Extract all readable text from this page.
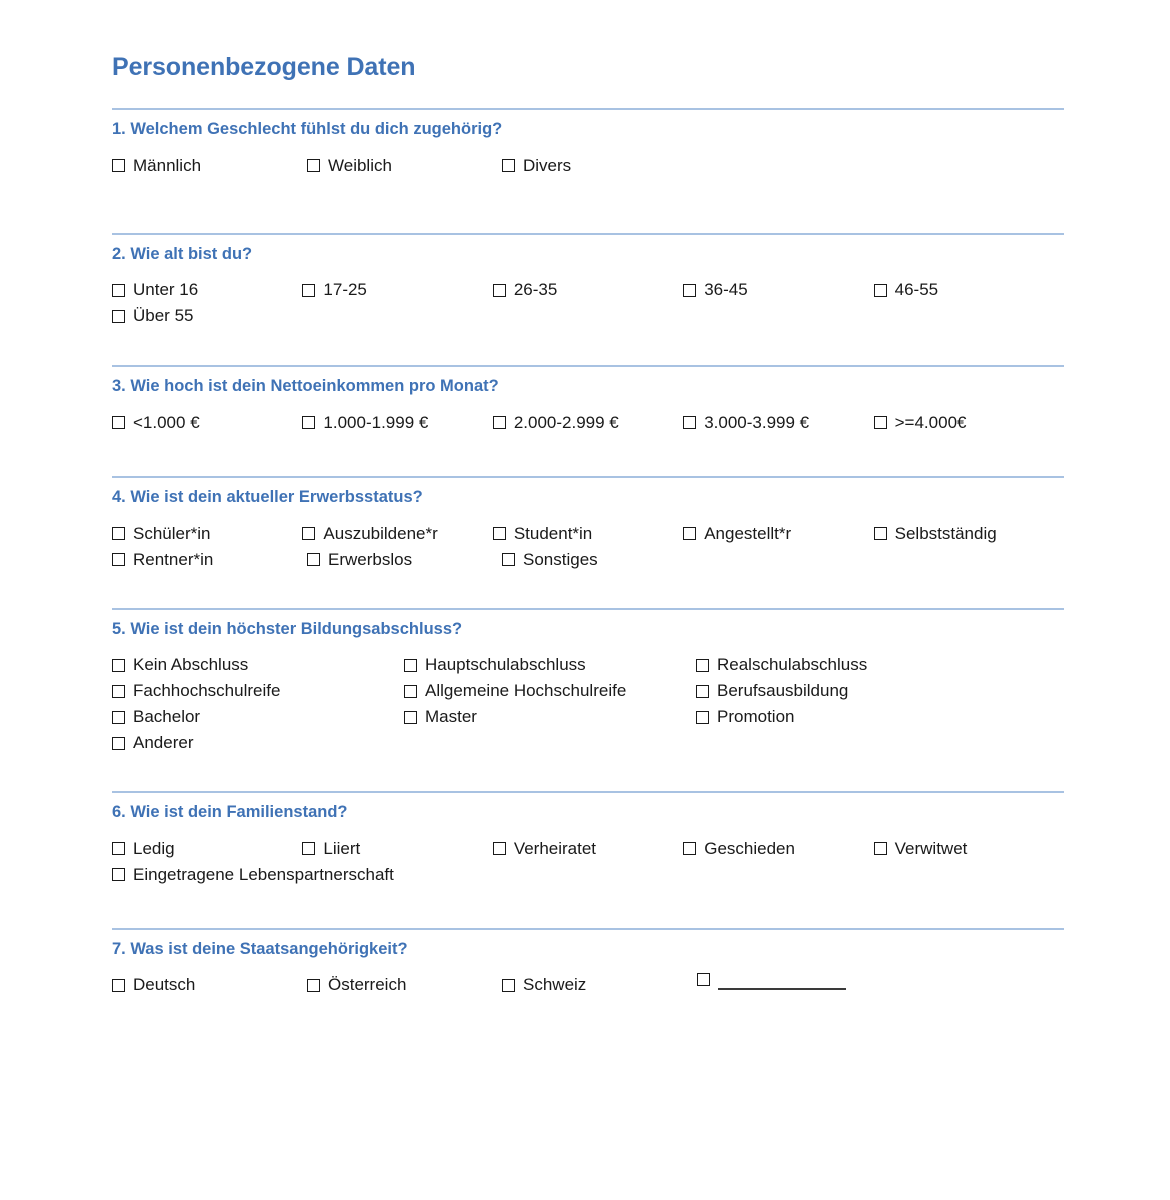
Personenbezogene Daten
1. Welchem Geschlecht fühlst du dich zugehörig?
Männlich	Weiblich	Divers
2. Wie alt bist du?
Unter 16	17-25	26-35	36-45	46-55
Über 55
3. Wie hoch ist dein Nettoeinkommen pro Monat?
<1.000 €	1.000-1.999 €	2.000-2.999 €	3.000-3.999 €	>=4.000€
4. Wie ist dein aktueller Erwerbsstatus?
Schüler*in	Auszubildene*r	Student*in	Angestellt*r	Selbstständig
Rentner*in	Erwerbslos	Sonstiges
5. Wie ist dein höchster Bildungsabschluss?
Kein Abschluss	Hauptschulabschluss	Realschulabschluss
Fachhochschulreife	Allgemeine Hochschulreife	Berufsausbildung
Bachelor	Master	Promotion
Anderer
6. Wie ist dein Familienstand?
Ledig	Liiert	Verheiratet	Geschieden	Verwitwet
Eingetragene Lebenspartnerschaft
7. Was ist deine Staatsangehörigkeit?
Deutsch	Österreich	Schweiz
